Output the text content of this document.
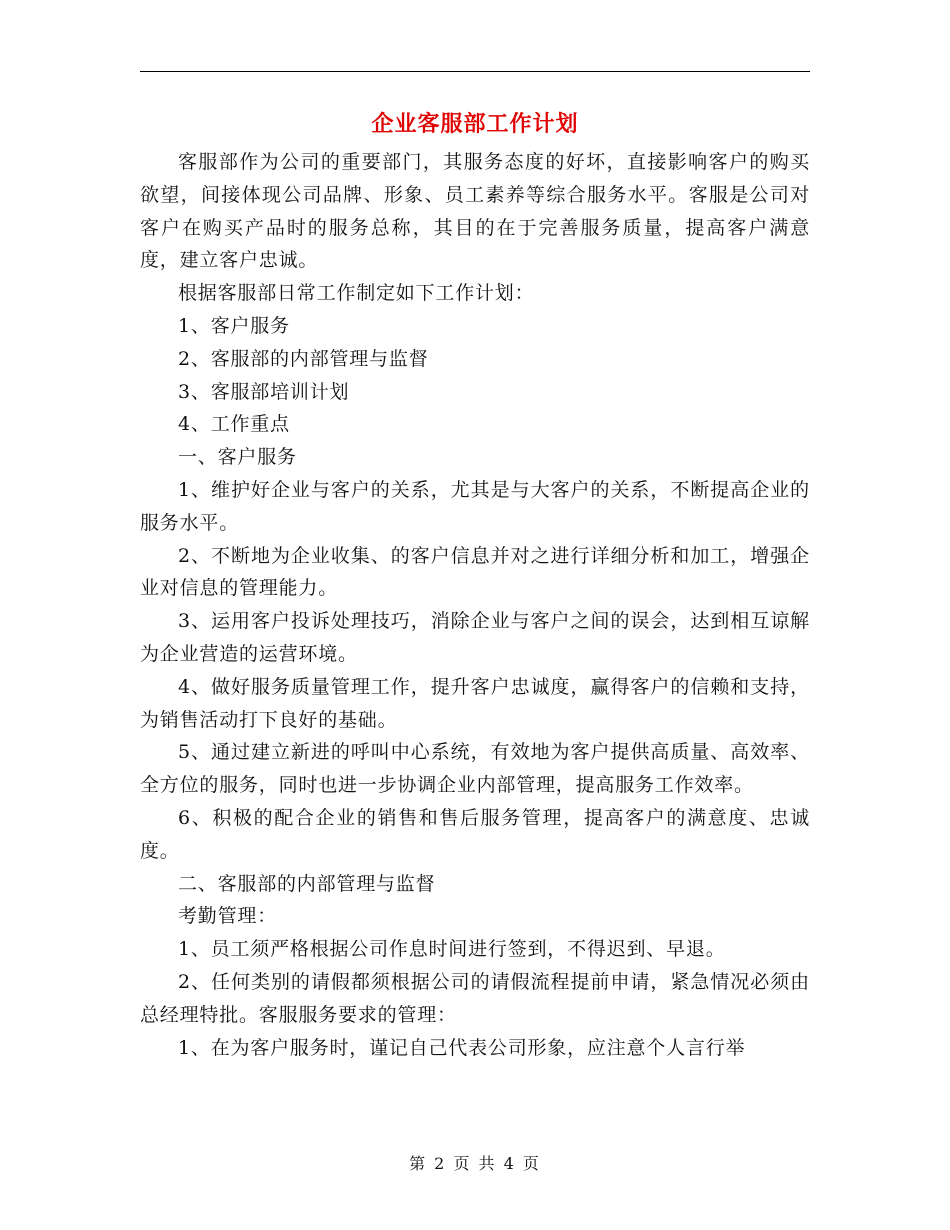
企业客服部工作计划

客服部作为公司的重要部门，其服务态度的好坏，直接影响客户的购买欲望，间接体现公司品牌、形象、员工素养等综合服务水平。客服是公司对客户在购买产品时的服务总称，其目的在于完善服务质量，提高客户满意度，建立客户忠诚。

根据客服部日常工作制定如下工作计划：

1、客户服务

2、客服部的内部管理与监督

3、客服部培训计划

4、工作重点

一、客户服务

1、维护好企业与客户的关系，尤其是与大客户的关系，不断提高企业的服务水平。

2、不断地为企业收集、的客户信息并对之进行详细分析和加工，增强企业对信息的管理能力。

3、运用客户投诉处理技巧，消除企业与客户之间的误会，达到相互谅解为企业营造的运营环境。

4、做好服务质量管理工作，提升客户忠诚度，赢得客户的信赖和支持，为销售活动打下良好的基础。

5、通过建立新进的呼叫中心系统，有效地为客户提供高质量、高效率、全方位的服务，同时也进一步协调企业内部管理，提高服务工作效率。

6、积极的配合企业的销售和售后服务管理，提高客户的满意度、忠诚度。

二、客服部的内部管理与监督

考勤管理：

1、员工须严格根据公司作息时间进行签到，不得迟到、早退。

2、任何类别的请假都须根据公司的请假流程提前申请，紧急情况必须由总经理特批。客服服务要求的管理：

1、在为客户服务时，谨记自己代表公司形象，应注意个人言行举

第 2 页 共 4 页
